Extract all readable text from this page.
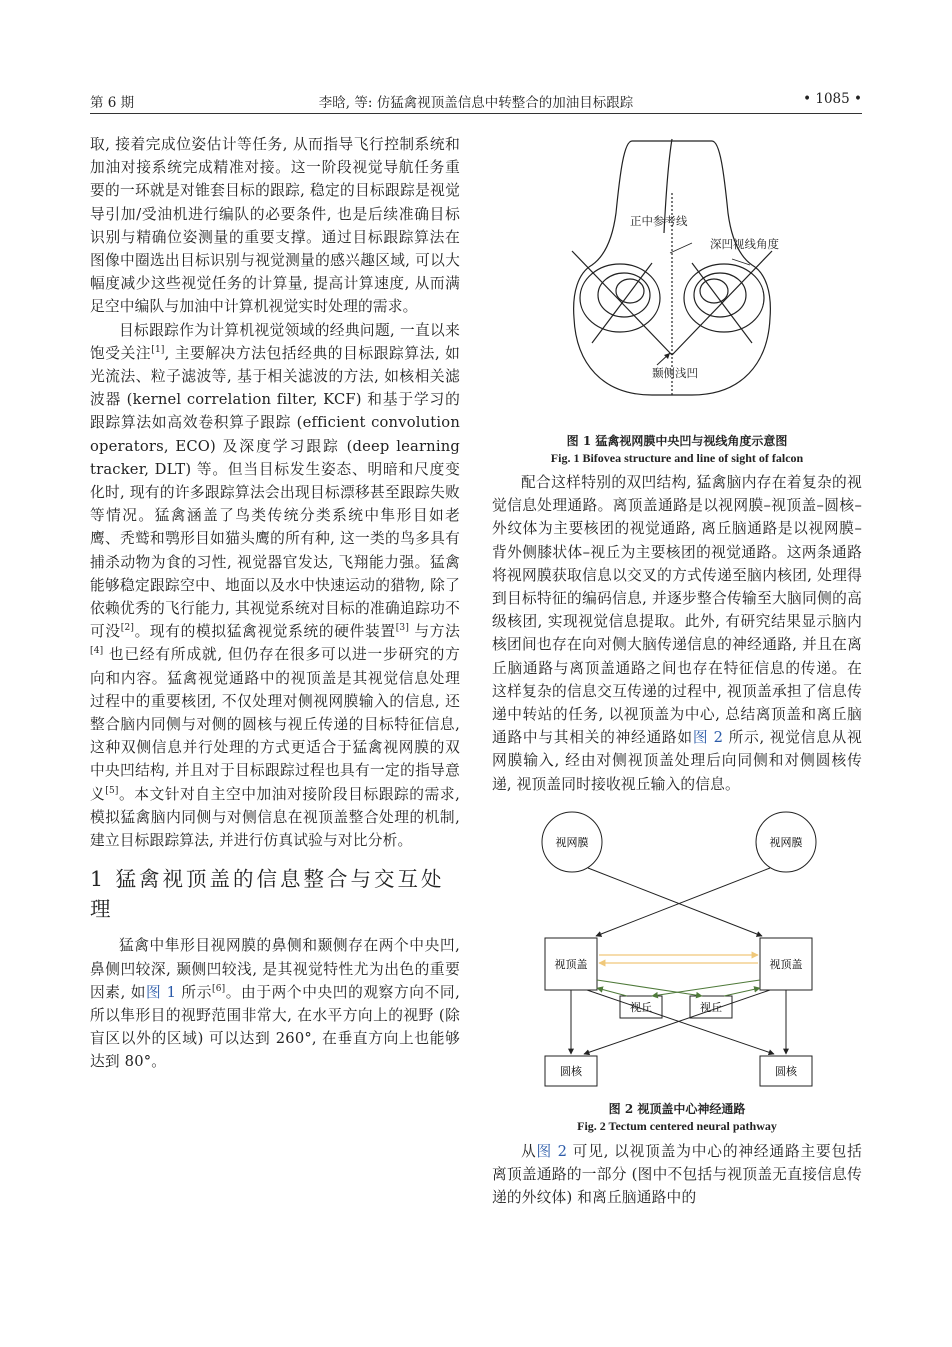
第 6 期	李晗, 等: 仿猛禽视顶盖信息中转整合的加油目标跟踪	• 1085 •

取, 接着完成位姿估计等任务, 从而指导飞行控制系统和加油对接系统完成精准对接。这一阶段视觉导航任务重要的一环就是对锥套目标的跟踪, 稳定的目标跟踪是视觉导引加/受油机进行编队的必要条件, 也是后续准确目标识别与精确位姿测量的重要支撑。通过目标跟踪算法在图像中圈选出目标识别与视觉测量的感兴趣区域, 可以大幅度减少这些视觉任务的计算量, 提高计算速度, 从而满足空中编队与加油中计算机视觉实时处理的需求。

目标跟踪作为计算机视觉领域的经典问题, 一直以来饱受关注[1], 主要解决方法包括经典的目标跟踪算法, 如光流法、粒子滤波等, 基于相关滤波的方法, 如核相关滤波器 (kernel correlation filter, KCF) 和基于学习的跟踪算法如高效卷积算子跟踪 (efficient convolution operators, ECO) 及深度学习跟踪 (deep learning tracker, DLT) 等。但当目标发生姿态、明暗和尺度变化时, 现有的许多跟踪算法会出现目标漂移甚至跟踪失败等情况。猛禽涵盖了鸟类传统分类系统中隼形目如老鹰、秃鹫和鹗形目如猫头鹰的所有种, 这一类的鸟多具有捕杀动物为食的习性, 视觉器官发达, 飞翔能力强。猛禽能够稳定跟踪空中、地面以及水中快速运动的猎物, 除了依赖优秀的飞行能力, 其视觉系统对目标的准确追踪功不可没[2]。现有的模拟猛禽视觉系统的硬件装置[3] 与方法[4] 也已经有所成就, 但仍存在很多可以进一步研究的方向和内容。猛禽视觉通路中的视顶盖是其视觉信息处理过程中的重要核团, 不仅处理对侧视网膜输入的信息, 还整合脑内同侧与对侧的圆核与视丘传递的目标特征信息, 这种双侧信息并行处理的方式更适合于猛禽视网膜的双中央凹结构, 并且对于目标跟踪过程也具有一定的指导意义[5]。本文针对自主空中加油对接阶段目标跟踪的需求, 模拟猛禽脑内同侧与对侧信息在视顶盖整合处理的机制, 建立目标跟踪算法, 并进行仿真试验与对比分析。

1 猛禽视顶盖的信息整合与交互处理

猛禽中隼形目视网膜的鼻侧和颞侧存在两个中央凹, 鼻侧凹较深, 颞侧凹较浅, 是其视觉特性尤为出色的重要因素, 如图 1 所示[6]。由于两个中央凹的观察方向不同, 所以隼形目的视野范围非常大, 在水平方向上的视野 (除盲区以外的区域) 可以达到 260°, 在垂直方向上也能够达到 80°。

正中参考线
深凹视线角度
颞侧浅凹
图 1 猛禽视网膜中央凹与视线角度示意图
Fig. 1 Bifovea structure and line of sight of falcon

配合这样特别的双凹结构, 猛禽脑内存在着复杂的视觉信息处理通路。离顶盖通路是以视网膜–视顶盖–圆核–外纹体为主要核团的视觉通路, 离丘脑通路是以视网膜–背外侧膝状体–视丘为主要核团的视觉通路。这两条通路将视网膜获取信息以交叉的方式传递至脑内核团, 处理得到目标特征的编码信息, 并逐步整合传输至大脑同侧的高级核团, 实现视觉信息提取。此外, 有研究结果显示脑内核团间也存在向对侧大脑传递信息的神经通路, 并且在离丘脑通路与离顶盖通路之间也存在特征信息的传递。在这样复杂的信息交互传递的过程中, 视顶盖承担了信息传递中转站的任务, 以视顶盖为中心, 总结离顶盖和离丘脑通路中与其相关的神经通路如图 2 所示, 视觉信息从视网膜输入, 经由对侧视顶盖处理后向同侧和对侧圆核传递, 视顶盖同时接收视丘输入的信息。

视网膜	视网膜
视顶盖	视顶盖
视丘	视丘
圆核	圆核
图 2 视顶盖中心神经通路
Fig. 2 Tectum centered neural pathway

从图 2 可见, 以视顶盖为中心的神经通路主要包括离顶盖通路的一部分 (图中不包括与视顶盖无直接信息传递的外纹体) 和离丘脑通路中的
